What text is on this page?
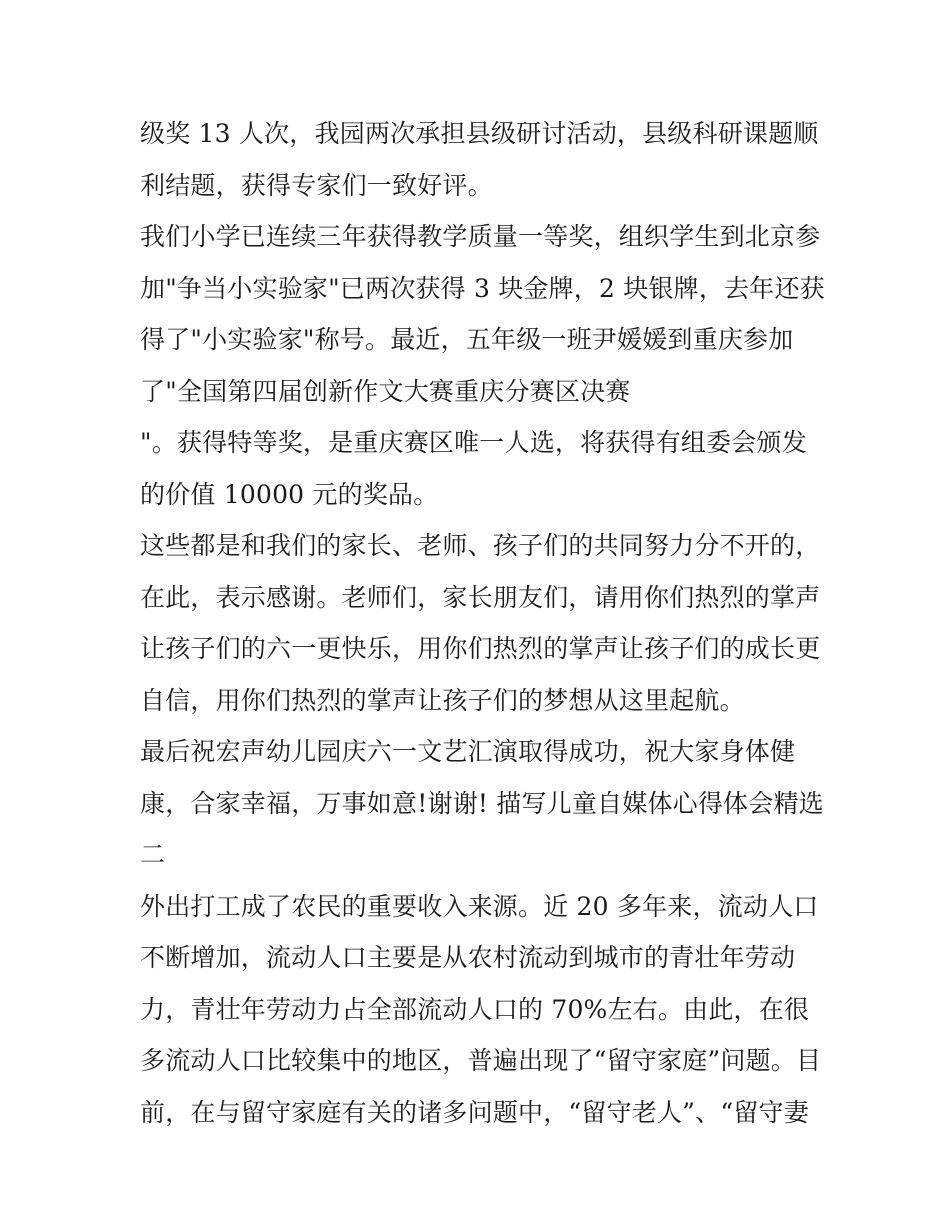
级奖 13 人次，我园两次承担县级研讨活动，县级科研课题顺
利结题，获得专家们一致好评。
我们小学已连续三年获得教学质量一等奖，组织学生到北京参
加"争当小实验家"已两次获得 3 块金牌，2 块银牌，去年还获
得了"小实验家"称号。最近，五年级一班尹媛媛到重庆参加
了"全国第四届创新作文大赛重庆分赛区决赛
"。获得特等奖，是重庆赛区唯一人选，将获得有组委会颁发
的价值 10000 元的奖品。
这些都是和我们的家长、老师、孩子们的共同努力分不开的，
在此，表示感谢。老师们，家长朋友们，请用你们热烈的掌声
让孩子们的六一更快乐，用你们热烈的掌声让孩子们的成长更
自信，用你们热烈的掌声让孩子们的梦想从这里起航。
最后祝宏声幼儿园庆六一文艺汇演取得成功，祝大家身体健
康，合家幸福，万事如意!谢谢! 描写儿童自媒体心得体会精选
二
外出打工成了农民的重要收入来源。近 20 多年来，流动人口
不断增加，流动人口主要是从农村流动到城市的青壮年劳动
力，青壮年劳动力占全部流动人口的 70%左右。由此，在很
多流动人口比较集中的地区，普遍出现了“留守家庭”问题。目
前，在与留守家庭有关的诸多问题中，“留守老人”、“留守妻
